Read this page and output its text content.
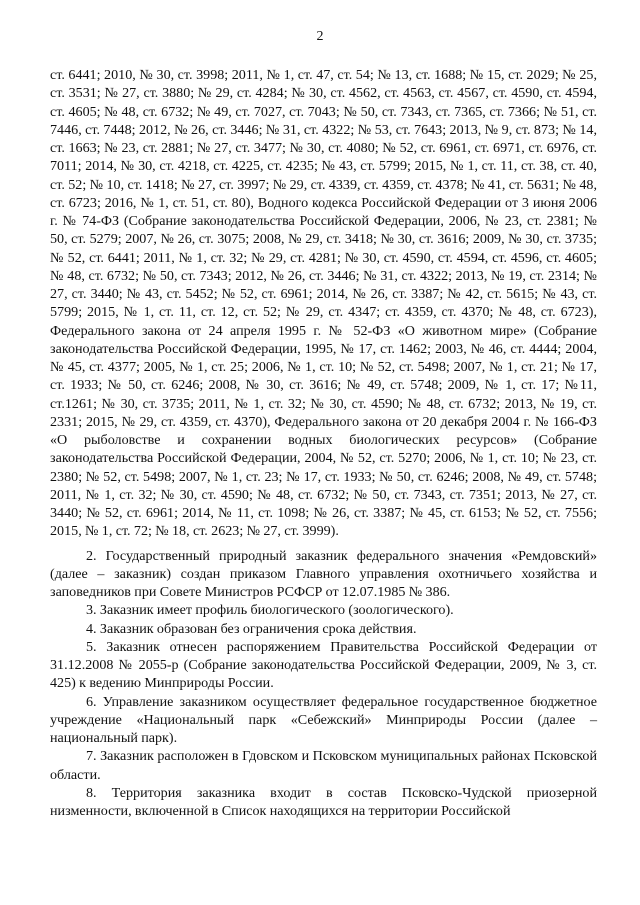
2

ст. 6441; 2010, № 30, ст. 3998; 2011, № 1, ст. 47, ст. 54; № 13, ст. 1688; № 15, ст. 2029; № 25, ст. 3531; № 27, ст. 3880; № 29, ст. 4284; № 30, ст. 4562, ст. 4563, ст. 4567, ст. 4590, ст. 4594, ст. 4605; № 48, ст. 6732; № 49, ст. 7027, ст. 7043; № 50, ст. 7343, ст. 7365, ст. 7366; № 51, ст. 7446, ст. 7448; 2012, № 26, ст. 3446; № 31, ст. 4322; № 53, ст. 7643; 2013, № 9, ст. 873; № 14, ст. 1663; № 23, ст. 2881; № 27, ст. 3477; № 30, ст. 4080; № 52, ст. 6961, ст. 6971, ст. 6976, ст. 7011; 2014, № 30, ст. 4218, ст. 4225, ст. 4235; № 43, ст. 5799; 2015, № 1, ст. 11, ст. 38, ст. 40, ст. 52; № 10, ст. 1418; № 27, ст. 3997; № 29, ст. 4339, ст. 4359, ст. 4378; № 41, ст. 5631; № 48, ст. 6723; 2016, № 1, ст. 51, ст. 80), Водного кодекса Российской Федерации от 3 июня 2006 г. № 74-ФЗ (Собрание законодательства Российской Федерации, 2006, № 23, ст. 2381; № 50, ст. 5279; 2007, № 26, ст. 3075; 2008, № 29, ст. 3418; № 30, ст. 3616; 2009, № 30, ст. 3735; № 52, ст. 6441; 2011, № 1, ст. 32; № 29, ст. 4281; № 30, ст. 4590, ст. 4594, ст. 4596, ст. 4605; № 48, ст. 6732; № 50, ст. 7343; 2012, № 26, ст. 3446; № 31, ст. 4322; 2013, № 19, ст. 2314; № 27, ст. 3440; № 43, ст. 5452; № 52, ст. 6961; 2014, № 26, ст. 3387; № 42, ст. 5615; № 43, ст. 5799; 2015, № 1, ст. 11, ст. 12, ст. 52; № 29, ст. 4347; ст. 4359, ст. 4370; № 48, ст. 6723), Федерального закона от 24 апреля 1995 г. № 52-ФЗ «О животном мире» (Собрание законодательства Российской Федерации, 1995, № 17, ст. 1462; 2003, № 46, ст. 4444; 2004, № 45, ст. 4377; 2005, № 1, ст. 25; 2006, № 1, ст. 10; № 52, ст. 5498; 2007, № 1, ст. 21; № 17, ст. 1933; № 50, ст. 6246; 2008, № 30, ст. 3616; № 49, ст. 5748; 2009, № 1, ст. 17; №11, ст.1261; № 30, ст. 3735; 2011, № 1, ст. 32; № 30, ст. 4590; № 48, ст. 6732; 2013, № 19, ст. 2331; 2015, № 29, ст. 4359, ст. 4370), Федерального закона от 20 декабря 2004 г. № 166-ФЗ «О рыболовстве и сохранении водных биологических ресурсов» (Собрание законодательства Российской Федерации, 2004, № 52, ст. 5270; 2006, № 1, ст. 10; № 23, ст. 2380; № 52, ст. 5498; 2007, № 1, ст. 23; № 17, ст. 1933; № 50, ст. 6246; 2008, № 49, ст. 5748; 2011, № 1, ст. 32; № 30, ст. 4590; № 48, ст. 6732; № 50, ст. 7343, ст. 7351; 2013, № 27, ст. 3440; № 52, ст. 6961; 2014, № 11, ст. 1098; № 26, ст. 3387; № 45, ст. 6153; № 52, ст. 7556; 2015, № 1, ст. 72; № 18, ст. 2623; № 27, ст. 3999).

2. Государственный природный заказник федерального значения «Ремдовский» (далее – заказник) создан приказом Главного управления охотничьего хозяйства и заповедников при Совете Министров РСФСР от 12.07.1985 № 386.

3. Заказник имеет профиль биологического (зоологического).

4. Заказник образован без ограничения срока действия.

5. Заказник отнесен распоряжением Правительства Российской Федерации от 31.12.2008 № 2055-р (Собрание законодательства Российской Федерации, 2009, № 3, ст. 425) к ведению Минприроды России.

6. Управление заказником осуществляет федеральное государственное бюджетное учреждение «Национальный парк «Себежский» Минприроды России (далее – национальный парк).

7. Заказник расположен в Гдовском и Псковском муниципальных районах Псковской области.

8. Территория заказника входит в состав Псковско-Чудской приозерной низменности, включенной в Список находящихся на территории Российской
